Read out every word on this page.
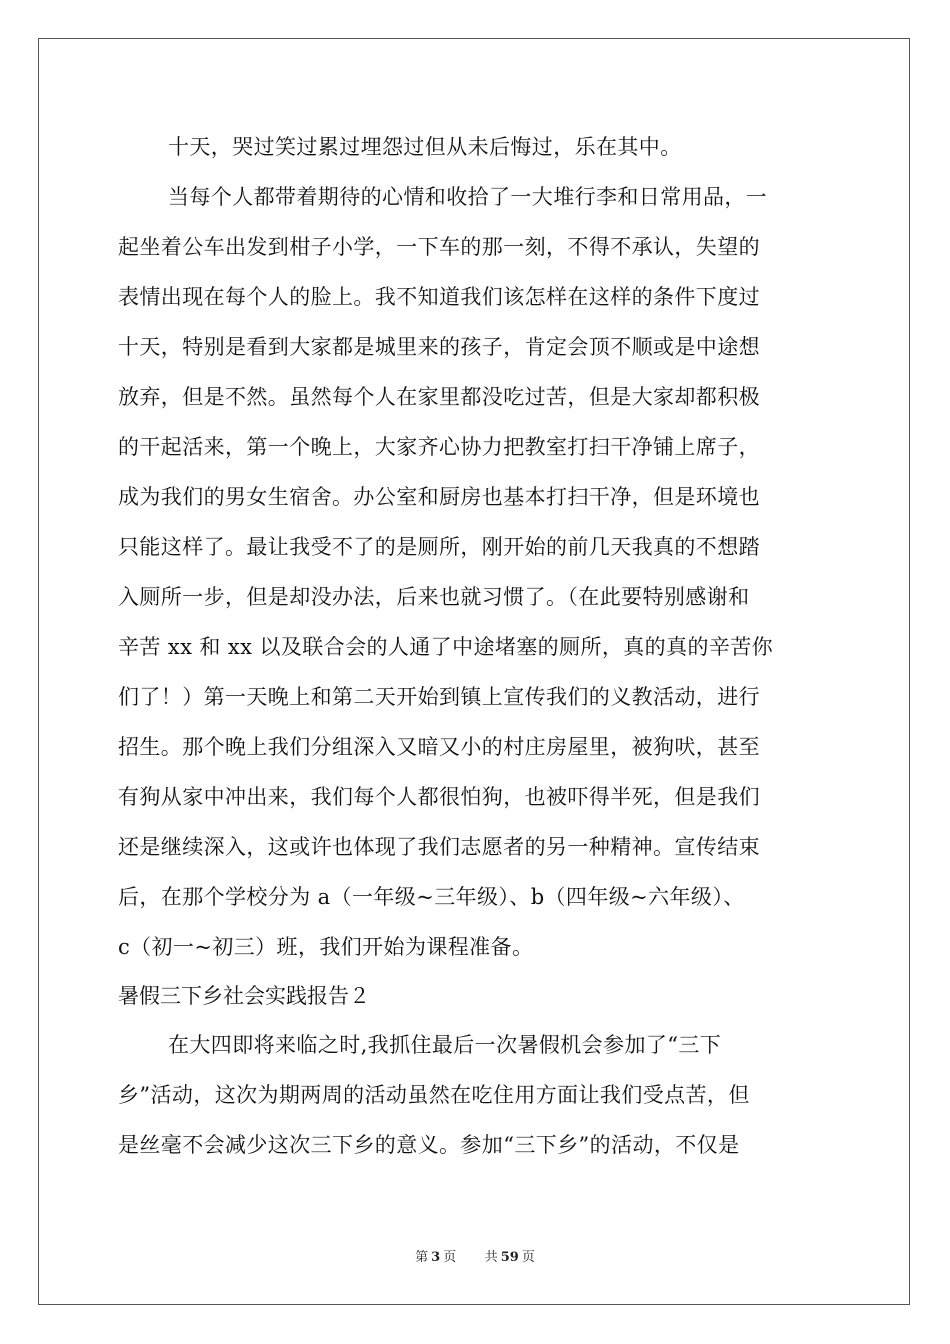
十天，哭过笑过累过埋怨过但从未后悔过，乐在其中。
当每个人都带着期待的心情和收拾了一大堆行李和日常用品，一
起坐着公车出发到柑子小学，一下车的那一刻，不得不承认，失望的
表情出现在每个人的脸上。我不知道我们该怎样在这样的条件下度过
十天，特别是看到大家都是城里来的孩子，肯定会顶不顺或是中途想
放弃，但是不然。虽然每个人在家里都没吃过苦，但是大家却都积极
的干起活来，第一个晚上，大家齐心协力把教室打扫干净铺上席子，
成为我们的男女生宿舍。办公室和厨房也基本打扫干净，但是环境也
只能这样了。最让我受不了的是厕所，刚开始的前几天我真的不想踏
入厕所一步，但是却没办法，后来也就习惯了。（在此要特别感谢和
辛苦 xx 和 xx 以及联合会的人通了中途堵塞的厕所，真的真的辛苦你
们了！）第一天晚上和第二天开始到镇上宣传我们的义教活动，进行
招生。那个晚上我们分组深入又暗又小的村庄房屋里，被狗吠，甚至
有狗从家中冲出来，我们每个人都很怕狗，也被吓得半死，但是我们
还是继续深入，这或许也体现了我们志愿者的另一种精神。宣传结束
后，在那个学校分为 a（一年级~三年级）、b（四年级~六年级）、
c（初一~初三）班，我们开始为课程准备。
暑假三下乡社会实践报告２
在大四即将来临之时,我抓住最后一次暑假机会参加了“三下
乡”活动，这次为期两周的活动虽然在吃住用方面让我们受点苦，但
是丝毫不会减少这次三下乡的意义。参加“三下乡”的活动，不仅是
第 3 页 共 59 页
